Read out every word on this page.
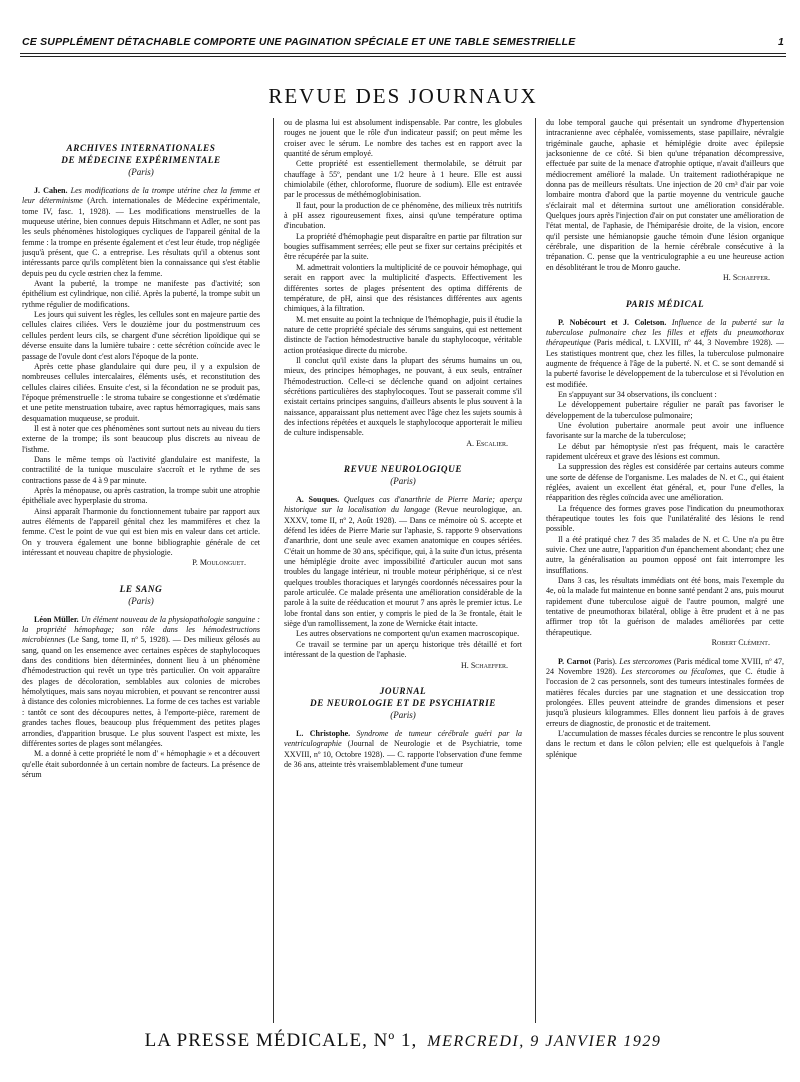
CE SUPPLÉMENT DÉTACHABLE COMPORTE UNE PAGINATION SPÉCIALE ET UNE TABLE SEMESTRIELLE	1
REVUE DES JOURNAUX
ARCHIVES INTERNATIONALES
DE MÉDECINE EXPÉRIMENTALE
(Paris)
J. Cahen. Les modifications de la trompe utérine chez la femme et leur déterminisme (Arch. internationales de Médecine expérimentale, tome IV, fasc. 1, 1928). — Les modifications menstruelles de la muqueuse utérine, bien connues depuis Hitschmann et Adler, ne sont pas les seuls phénomènes histologiques cycliques de l'appareil génital de la femme : la trompe en présente également et c'est leur étude, trop négligée jusqu'à présent, que C. a entreprise. Les résultats qu'il a obtenus sont intéressants parce qu'ils complètent bien la connaissance qui s'est établie depuis peu du cycle œstrien chez la femme.

Avant la puberté, la trompe ne manifeste pas d'activité; son épithélium est cylindrique, non cilié. Après la puberté, la trompe subit un rythme régulier de modifications.

Les jours qui suivent les règles, les cellules sont en majeure partie des cellules claires ciliées. Vers le douzième jour du postmenstruum ces cellules perdent leurs cils, se chargent d'une sécrétion lipoïdique qui se déverse ensuite dans la lumière tubaire : cette sécrétion coïncide avec le passage de l'ovule dont c'est alors l'époque de la ponte.

Après cette phase glandulaire qui dure peu, il y a expulsion de nombreuses cellules intercalaires, éléments usés, et reconstitution des cellules claires ciliées. Ensuite c'est, si la fécondation ne se produit pas, l'époque prémenstruelle : le stroma tubaire se congestionne et s'œdématie et une petite menstruation tubaire, avec raptus hémorragiques, mais sans desquamation muqueuse, se produit.

Il est à noter que ces phénomènes sont surtout nets au niveau du tiers externe de la trompe; ils sont beaucoup plus discrets au niveau de l'isthme.

Dans le même temps où l'activité glandulaire est manifeste, la contractilité de la tunique musculaire s'accroît et le rythme de ses contractions passe de 4 à 9 par minute.

Après la ménopause, ou après castration, la trompe subit une atrophie épithéliale avec hyperplasie du stroma.

Ainsi apparaît l'harmonie du fonctionnement tubaire par rapport aux autres éléments de l'appareil génital chez les mammifères et chez la femme. C'est le point de vue qui est bien mis en valeur dans cet article. On y trouvera également une bonne bibliographie générale de cet intéressant et nouveau chapitre de physiologie.

P. Moulonguet.
LE SANG
(Paris)
Léon Müller. Un élément nouveau de la physiopathologie sanguine : la propriété hémophage; son rôle dans les hémodestructions microbiennes (Le Sang, tome II, nº 5, 1928). — Des milieux gélosés au sang, quand on les ensemence avec certaines espèces de staphylocoques dans des conditions bien déterminées, donnent lieu à un phénomène d'hémodestruction qui revêt un type très particulier. On voit apparaître des plages de décoloration, semblables aux colonies de microbes hémolytiques, mais sans noyau microbien, et pouvant se rencontrer aussi à distance des colonies microbiennes. La forme de ces taches est variable : tantôt ce sont des découpures nettes, à l'emporte-pièce, rarement de grandes taches floues, beaucoup plus fréquemment des petites plages arrondies, d'apparition brusque. Le plus souvent l'aspect est mixte, les différentes sortes de plages sont mélangées.

M. a donné à cette propriété le nom d' « hémophagie » et a découvert qu'elle était subordonnée à un certain nombre de facteurs. La présence de sérum

ou de plasma lui est absolument indispensable. Par contre, les globules rouges ne jouent que le rôle d'un indicateur passif; on peut même les croiser avec le sérum. Le nombre des taches est en rapport avec la quantité de sérum employé.

Cette propriété est essentiellement thermolabile, se détruit par chauffage à 55º, pendant une 1/2 heure à 1 heure. Elle est aussi chimiolabile (éther, chloroforme, fluorure de sodium). Elle est entravée par le processus de méthémoglobinisation.

Il faut, pour la production de ce phénomène, des milieux très nutritifs à pH assez rigoureusement fixes, ainsi qu'une température optima d'incubation.

La propriété d'hémophagie peut disparaître en partie par filtration sur bougies suffisamment serrées; elle peut se fixer sur certains précipités et être récupérée par la suite.

M. admettrait volontiers la multiplicité de ce pouvoir hémophage, qui serait en rapport avec la multiplicité d'aspects. Effectivement les différentes sortes de plages présentent des optima différents de température, de pH, ainsi que des résistances différentes aux agents chimiques, à la filtration.

M. met ensuite au point la technique de l'hémophagie, puis il étudie la nature de cette propriété spéciale des sérums sanguins, qui est nettement distincte de l'action hémodestructive banale du staphylocoque, véritable action protéasique directe du microbe.

Il conclut qu'il existe dans la plupart des sérums humains un ou, mieux, des principes hémophages, ne pouvant, à eux seuls, entraîner l'hémodestruction. Celle-ci se déclenche quand on adjoint certaines sécrétions particulières des staphylocoques. Tout se passerait comme s'il existait certains principes sanguins, d'ailleurs absents le plus souvent à la naissance, apparaissant plus nettement avec l'âge chez les sujets soumis à des infections répétées et auxquels le staphylocoque apporterait le milieu de culture indispensable.

A. Escalier.
REVUE NEUROLOGIQUE
(Paris)
A. Souques. Quelques cas d'anarthrie de Pierre Marie; aperçu historique sur la localisation du langage (Revue neurologique, an. XXXV, tome II, nº 2, Août 1928). — Dans ce mémoire où S. accepte et défend les idées de Pierre Marie sur l'aphasie, S. rapporte 9 observations d'anarthrie, dont une seule avec examen anatomique en coupes sériées. C'était un homme de 30 ans, spécifique, qui, à la suite d'un ictus, présenta une hémiplégie droite avec impossibilité d'articuler aucun mot sans troubles du langage intérieur, ni trouble moteur périphérique, si ce n'est quelques troubles thoraciques et laryngés coordonnés nécessaires pour la parole articulée. Ce malade présenta une amélioration considérable de la parole à la suite de rééducation et mourut 7 ans après le premier ictus. Le lobe frontal dans son entier, y compris le pied de la 3e frontale, était le siège d'un ramollissement, la zone de Wernicke était intacte.

Les autres observations ne comportent qu'un examen macroscopique.

Ce travail se termine par un aperçu historique très détaillé et fort intéressant de la question de l'aphasie.

H. Schaeffer.
JOURNAL
DE NEUROLOGIE ET DE PSYCHIATRIE
(Paris)
L. Christophe. Syndrome de tumeur cérébrale guéri par la ventriculographie (Journal de Neurologie et de Psychiatrie, tome XXVIII, nº 10, Octobre 1928). — C. rapporte l'observation d'une femme de 36 ans, atteinte très vraisemblablement d'une tumeur

du lobe temporal gauche qui présentait un syndrome d'hypertension intracranienne avec céphalée, vomissements, stase papillaire, névralgie trigéminale gauche, aphasie et hémiplégie droite avec épilepsie jacksonienne de ce côté. Si bien qu'une trépanation décompressive, effectuée par suite de la menace d'atrophie optique, n'avait d'ailleurs que médiocrement amélioré la malade. Un traitement radiothérapique ne donna pas de meilleurs résultats. Une injection de 20 cm³ d'air par voie lombaire montra d'abord que la partie moyenne du ventricule gauche s'éclairait mal et détermina surtout une amélioration considérable. Quelques jours après l'injection d'air on put constater une amélioration de l'état mental, de l'aphasie, de l'hémiparésie droite, de la vision, encore qu'il persiste une hémianopsie gauche témoin d'une lésion organique cérébrale, une disparition de la hernie cérébrale consécutive à la trépanation. C. pense que la ventriculographie a eu une heureuse action en désoblitérant le trou de Monro gauche.

H. Schaeffer.
PARIS MÉDICAL
P. Nobécourt et J. Coletson. Influence de la puberté sur la tuberculose pulmonaire chez les filles et effets du pneumothorax thérapeutique (Paris médical, t. LXVIII, nº 44, 3 Novembre 1928). — Les statistiques montrent que, chez les filles, la tuberculose pulmonaire augmente de fréquence à l'âge de la puberté. N. et C. se sont demandé si la puberté favorise le développement de la tuberculose et si l'évolution en est modifiée.

En s'appuyant sur 34 observations, ils concluent :

Le développement pubertaire régulier ne paraît pas favoriser le développement de la tuberculose pulmonaire;

Une évolution pubertaire anormale peut avoir une influence favorisante sur la marche de la tuberculose;

Le début par hémoptysie n'est pas fréquent, mais le caractère rapidement ulcéreux et grave des lésions est commun.

La suppression des règles est considérée par certains auteurs comme une sorte de défense de l'organisme. Les malades de N. et C., qui étaient réglées, avaient un excellent état général, et, pour l'une d'elles, la réapparition des règles coïncida avec une amélioration.

La fréquence des formes graves pose l'indication du pneumothorax thérapeutique toutes les fois que l'unilatéralité des lésions le rend possible.

Il a été pratiqué chez 7 des 35 malades de N. et C. Une n'a pu être suivie. Chez une autre, l'apparition d'un épanchement abondant; chez une autre, la généralisation au poumon opposé ont fait interrompre les insufflations.

Dans 3 cas, les résultats immédiats ont été bons, mais l'exemple du 4e, où la malade fut maintenue en bonne santé pendant 2 ans, puis mourut rapidement d'une tuberculose aiguë de l'autre poumon, malgré une tentative de pneumothorax bilatéral, oblige à être prudent et à ne pas affirmer trop tôt la guérison de malades améliorées par cette thérapeutique.

Robert Clément.
P. Carnot (Paris). Les stercoromes (Paris médical tome XVIII, nº 47, 24 Novembre 1928). Les stercoromes ou fécalomes, que C. étudie à l'occasion de 2 cas personnels, sont des tumeurs intestinales formées de matières fécales durcies par une stagnation et une dessiccation trop prolongées. Elles peuvent atteindre de grandes dimensions et peser jusqu'à plusieurs kilogrammes. Elles donnent lieu parfois à de graves erreurs de diagnostic, de pronostic et de traitement.

L'accumulation de masses fécales durcies se rencontre le plus souvent dans le rectum et dans le côlon pelvien; elle est quelquefois à l'angle splénique

LA PRESSE MÉDICALE, Nº 1, MERCREDI, 9 JANVIER 1929
